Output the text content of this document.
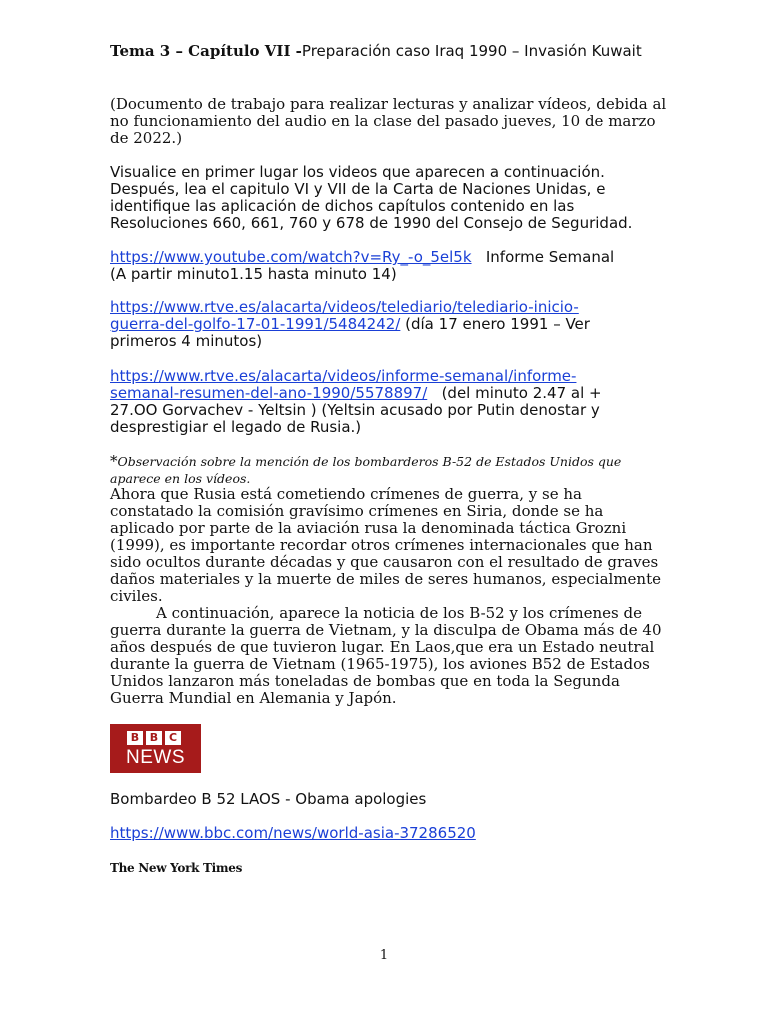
Tema 3 – Capítulo VII -Preparación caso Iraq 1990 – Invasión Kuwait
(Documento de trabajo para realizar lecturas y analizar vídeos, debida al no funcionamiento del audio en la clase del pasado jueves, 10 de marzo de 2022.)
Visualice en primer lugar los videos que aparecen a continuación. Después, lea el capitulo VI y VII de la Carta de Naciones Unidas, e identifique las aplicación de dichos capítulos contenido en las Resoluciones 660, 661, 760 y 678 de 1990 del Consejo de Seguridad.
https://www.youtube.com/watch?v=Ry_-o_5el5k Informe Semanal
(A partir minuto1.15 hasta minuto 14)
https://www.rtve.es/alacarta/videos/telediario/telediario-inicio-
guerra-del-golfo-17-01-1991/5484242/ (día 17 enero 1991 – Ver
primeros 4 minutos)
https://www.rtve.es/alacarta/videos/informe-semanal/informe-
semanal-resumen-del-ano-1990/5578897/ (del minuto 2.47 al +
27.OO Gorvachev - Yeltsin ) (Yeltsin acusado por Putin denostar y desprestigiar el legado de Rusia.)
*Observación sobre la mención de los bombarderos B-52 de Estados Unidos que aparece en los vídeos.
Ahora que Rusia está cometiendo crímenes de guerra, y se ha constatado la comisión gravísimo crímenes en Siria, donde se ha aplicado por parte de la aviación rusa la denominada táctica Grozni (1999), es importante recordar otros crímenes internacionales que han sido ocultos durante décadas y que causaron con el resultado de graves daños materiales y la muerte de miles de seres humanos, especialmente civiles.
A continuación, aparece la noticia de los B-52 y los crímenes de guerra durante la guerra de Vietnam, y la disculpa de Obama más de 40 años después de que tuvieron lugar. En Laos,que era un Estado neutral durante la guerra de Vietnam (1965-1975), los aviones B52 de Estados Unidos lanzaron más toneladas de bombas que en toda la Segunda Guerra Mundial en Alemania y Japón.
B B C
NEWS
Bombardeo B 52 LAOS - Obama apologies
https://www.bbc.com/news/world-asia-37286520
The New York Times
1
